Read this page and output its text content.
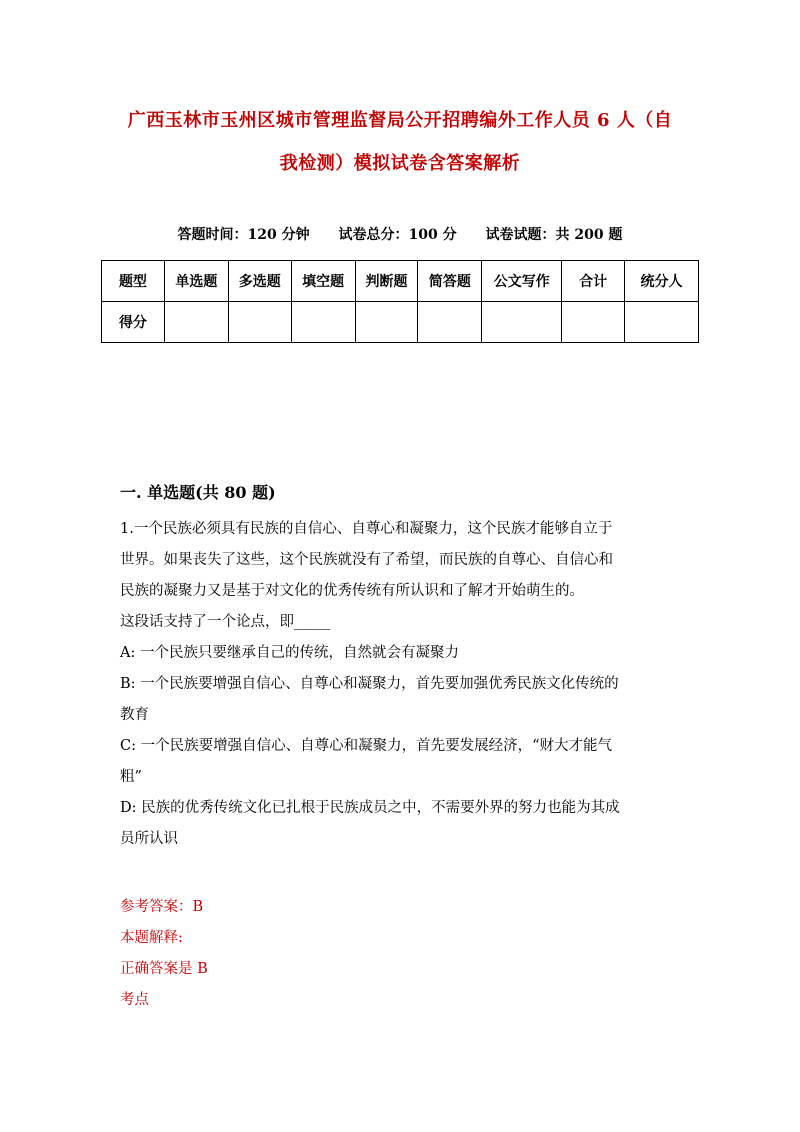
广西玉林市玉州区城市管理监督局公开招聘编外工作人员 6 人（自
我检测）模拟试卷含答案解析
答题时间：120 分钟 试卷总分：100 分 试卷试题：共 200 题
题型	单选题	多选题	填空题	判断题	简答题	公文写作	合计	统分人
得分								
一. 单选题(共 80 题)
1.一个民族必须具有民族的自信心、自尊心和凝聚力，这个民族才能够自立于
世界。如果丧失了这些，这个民族就没有了希望，而民族的自尊心、自信心和
民族的凝聚力又是基于对文化的优秀传统有所认识和了解才开始萌生的。
这段话支持了一个论点，即_____
A: 一个民族只要继承自己的传统，自然就会有凝聚力
B: 一个民族要增强自信心、自尊心和凝聚力，首先要加强优秀民族文化传统的
教育
C: 一个民族要增强自信心、自尊心和凝聚力，首先要发展经济，“财大才能气
粗”
D: 民族的优秀传统文化已扎根于民族成员之中，不需要外界的努力也能为其成
员所认识
参考答案：B
本题解释:
正确答案是 B
考点
